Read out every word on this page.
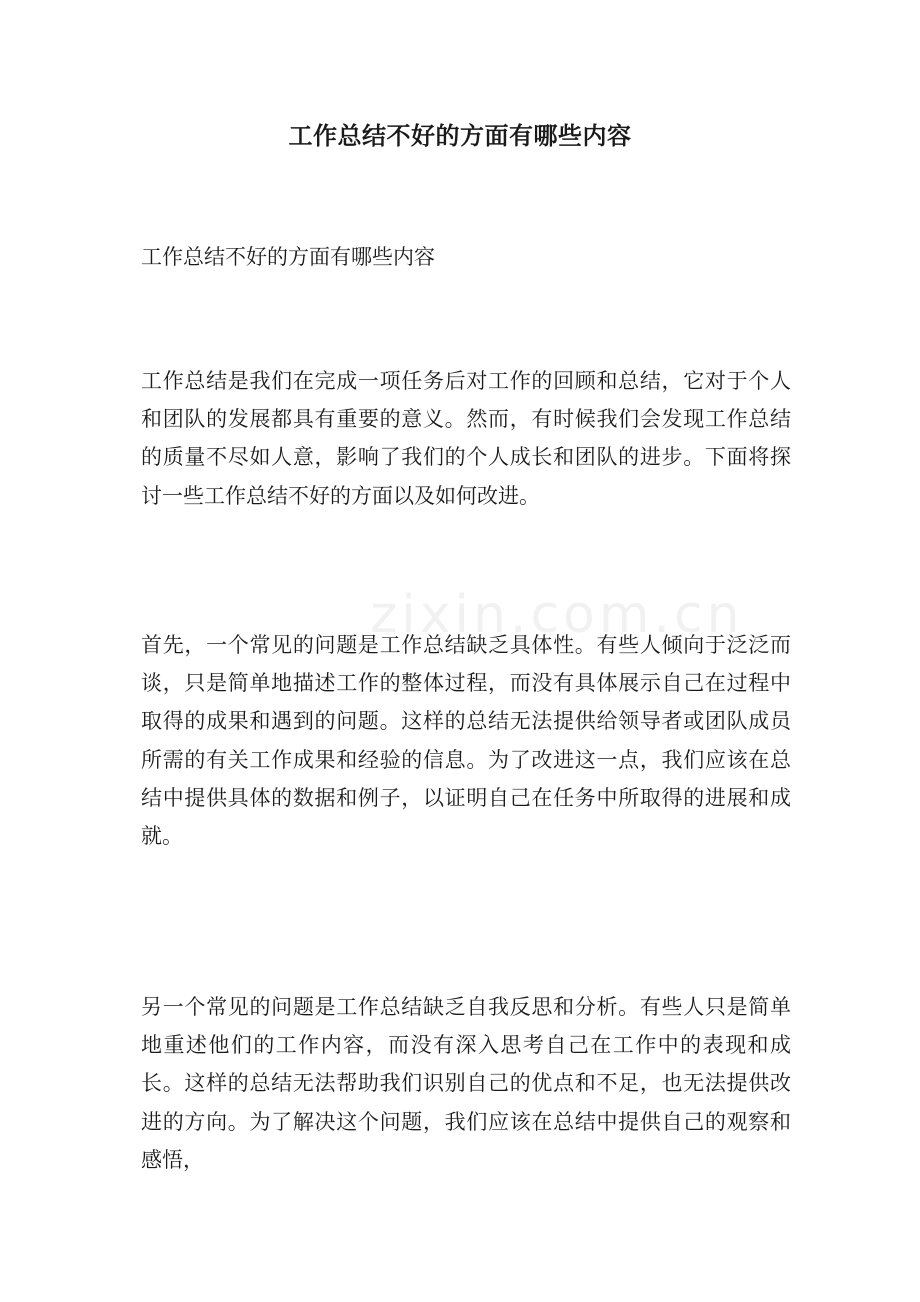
工作总结不好的方面有哪些内容
工作总结不好的方面有哪些内容
工作总结是我们在完成一项任务后对工作的回顾和总结，它对于个人和团队的发展都具有重要的意义。然而，有时候我们会发现工作总结的质量不尽如人意，影响了我们的个人成长和团队的进步。下面将探讨一些工作总结不好的方面以及如何改进。
zixin.com.cn
首先，一个常见的问题是工作总结缺乏具体性。有些人倾向于泛泛而谈，只是简单地描述工作的整体过程，而没有具体展示自己在过程中取得的成果和遇到的问题。这样的总结无法提供给领导者或团队成员所需的有关工作成果和经验的信息。为了改进这一点，我们应该在总结中提供具体的数据和例子，以证明自己在任务中所取得的进展和成就。
另一个常见的问题是工作总结缺乏自我反思和分析。有些人只是简单地重述他们的工作内容，而没有深入思考自己在工作中的表现和成长。这样的总结无法帮助我们识别自己的优点和不足，也无法提供改进的方向。为了解决这个问题，我们应该在总结中提供自己的观察和感悟，
